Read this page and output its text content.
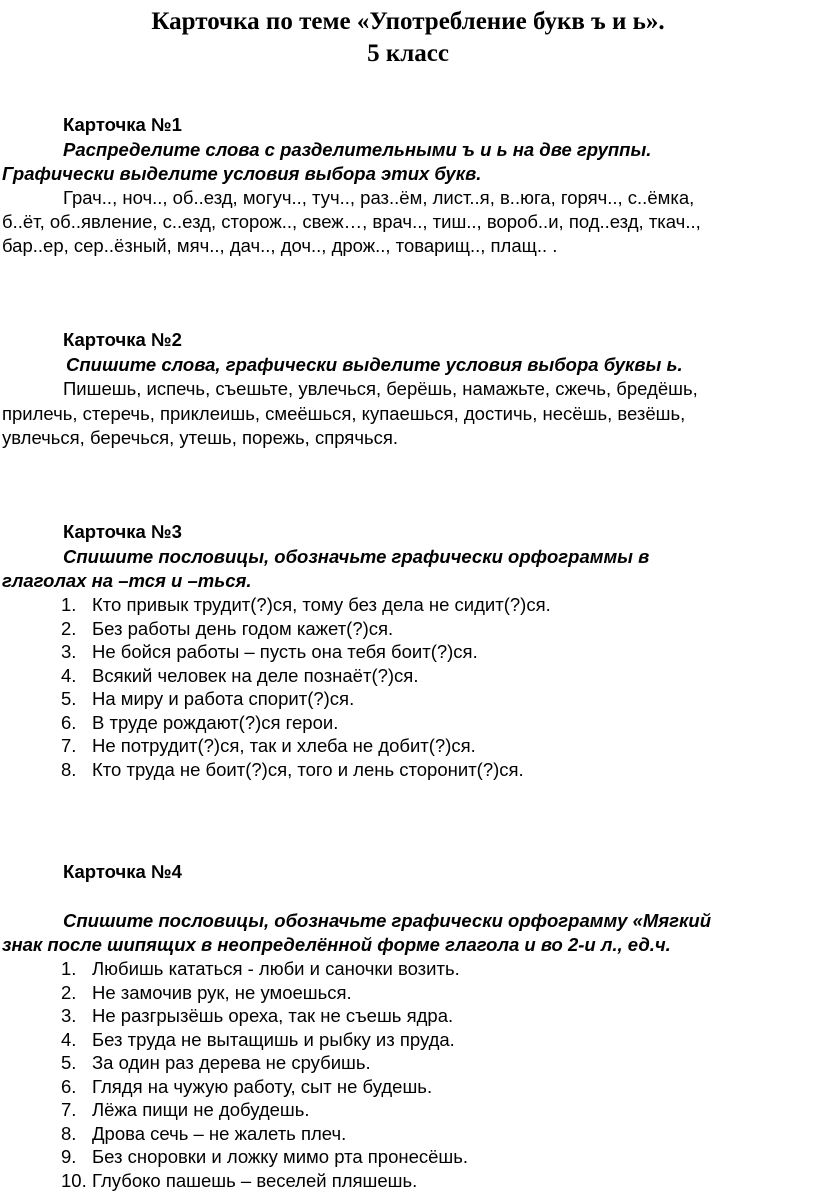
Карточка по теме «Употребление букв ъ и ь».
5 класс
Карточка №1
Распределите слова с разделительными ъ и ь на две группы.
Графически выделите условия выбора этих букв.
Грач.., ноч.., об..езд, могуч.., туч.., раз..ём, лист..я, в..юга, горяч.., с..ёмка,
б..ёт, об..явление, с..езд, сторож.., свеж…, врач.., тиш.., вороб..и, под..езд, ткач..,
бар..ер, сер..ёзный, мяч.., дач.., доч.., дрож.., товарищ.., плащ.. .
Карточка №2
Спишите слова, графически выделите условия выбора буквы ь.
Пишешь, испечь, съешьте, увлечься, берёшь, намажьте, сжечь, бредёшь,
прилечь, стеречь, приклеишь, смеёшься, купаешься, достичь, несёшь, везёшь,
увлечься, беречься, утешь, порежь, спрячься.
Карточка №3
Спишите пословицы, обозначьте графически орфограммы в
глаголах на –тся и –ться.
1. Кто привык трудит(?)ся, тому без дела не сидит(?)ся.
2. Без работы день годом кажет(?)ся.
3. Не бойся работы – пусть она тебя боит(?)ся.
4. Всякий человек на деле познаёт(?)ся.
5. На миру и работа спорит(?)ся.
6. В труде рождают(?)ся герои.
7. Не потрудит(?)ся, так и хлеба не добит(?)ся.
8. Кто труда не боит(?)ся, того и лень сторонит(?)ся.
Карточка №4
Спишите пословицы, обозначьте графически орфограмму «Мягкий
знак после шипящих в неопределённой форме глагола и во 2-и л., ед.ч.
1. Любишь кататься - люби и саночки возить.
2. Не замочив рук, не умоешься.
3. Не разгрызёшь ореха, так не съешь ядра.
4. Без труда не вытащишь и рыбку из пруда.
5. За один раз дерева не срубишь.
6. Глядя на чужую работу, сыт не будешь.
7. Лёжа пищи не добудешь.
8. Дрова сечь – не жалеть плеч.
9. Без сноровки и ложку мимо рта пронесёшь.
10. Глубоко пашешь – веселей пляшешь.
